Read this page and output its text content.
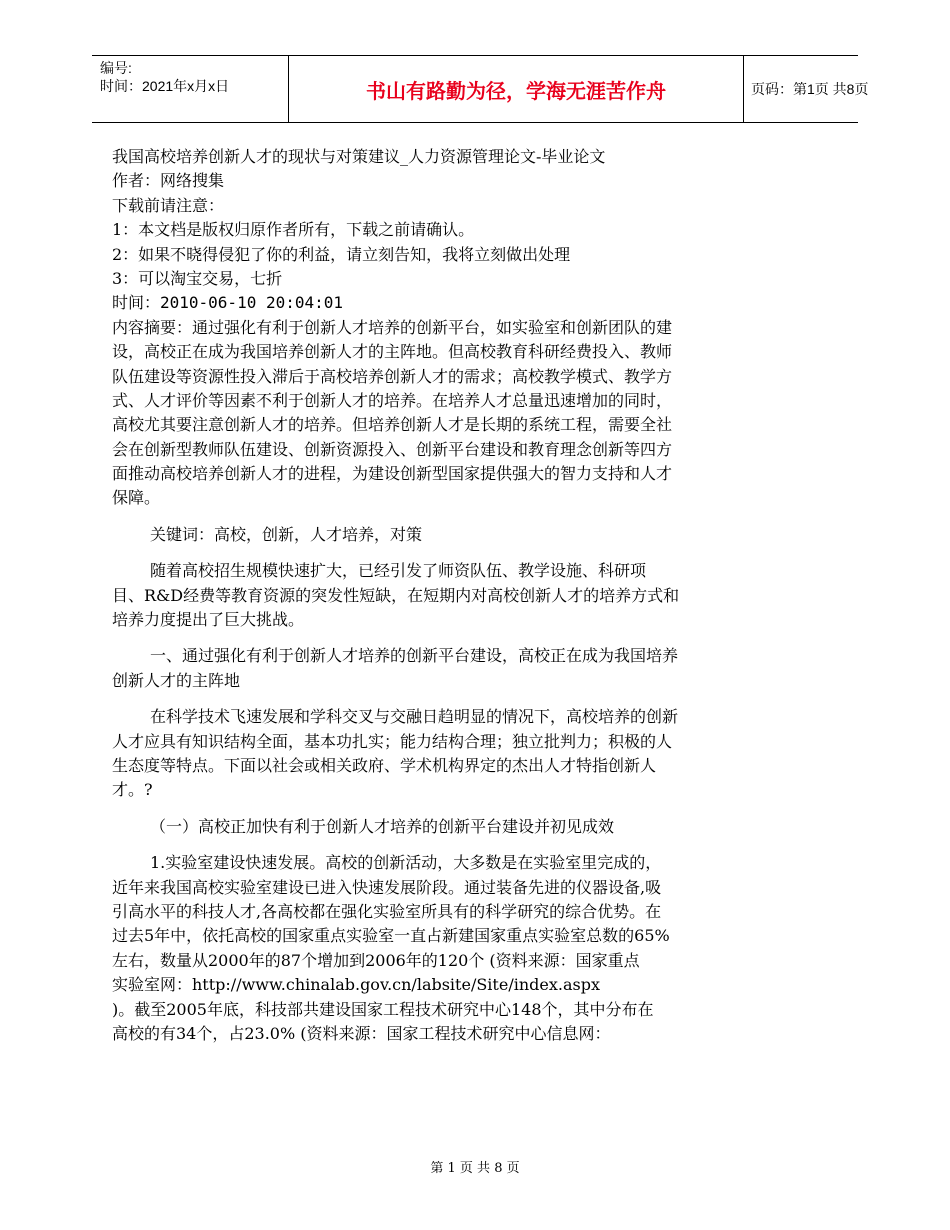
编号:
时间：2021年x月x日	书山有路勤为径，学海无涯苦作舟	页码：第1页 共8页
我国高校培养创新人才的现状与对策建议_人力资源管理论文-毕业论文
作者：网络搜集
下载前请注意：
1：本文档是版权归原作者所有，下载之前请确认。
2：如果不晓得侵犯了你的利益，请立刻告知，我将立刻做出处理
3：可以淘宝交易，七折
时间：2010-06-10 20:04:01
内容摘要：通过强化有利于创新人才培养的创新平台，如实验室和创新团队的建
设，高校正在成为我国培养创新人才的主阵地。但高校教育科研经费投入、教师
队伍建设等资源性投入滞后于高校培养创新人才的需求；高校教学模式、教学方
式、人才评价等因素不利于创新人才的培养。在培养人才总量迅速增加的同时，
高校尤其要注意创新人才的培养。但培养创新人才是长期的系统工程，需要全社
会在创新型教师队伍建设、创新资源投入、创新平台建设和教育理念创新等四方
面推动高校培养创新人才的进程，为建设创新型国家提供强大的智力支持和人才
保障。
关键词：高校，创新，人才培养，对策
随着高校招生规模快速扩大，已经引发了师资队伍、教学设施、科研项
目、R&D经费等教育资源的突发性短缺，在短期内对高校创新人才的培养方式和
培养力度提出了巨大挑战。
一、通过强化有利于创新人才培养的创新平台建设，高校正在成为我国培养
创新人才的主阵地
在科学技术飞速发展和学科交叉与交融日趋明显的情况下，高校培养的创新
人才应具有知识结构全面，基本功扎实；能力结构合理；独立批判力；积极的人
生态度等特点。下面以社会或相关政府、学术机构界定的杰出人才特指创新人
才。?
（一）高校正加快有利于创新人才培养的创新平台建设并初见成效
1.实验室建设快速发展。高校的创新活动，大多数是在实验室里完成的，
近年来我国高校实验室建设已进入快速发展阶段。通过装备先进的仪器设备,吸
引高水平的科技人才,各高校都在强化实验室所具有的科学研究的综合优势。在
过去5年中，依托高校的国家重点实验室一直占新建国家重点实验室总数的65%
左右，数量从2000年的87个增加到2006年的120个 (资料来源：国家重点
实验室网：http://www.chinalab.gov.cn/labsite/Site/index.aspx
)。截至2005年底，科技部共建设国家工程技术研究中心148个，其中分布在
高校的有34个，占23.0% (资料来源：国家工程技术研究中心信息网：
第 1 页 共 8 页
